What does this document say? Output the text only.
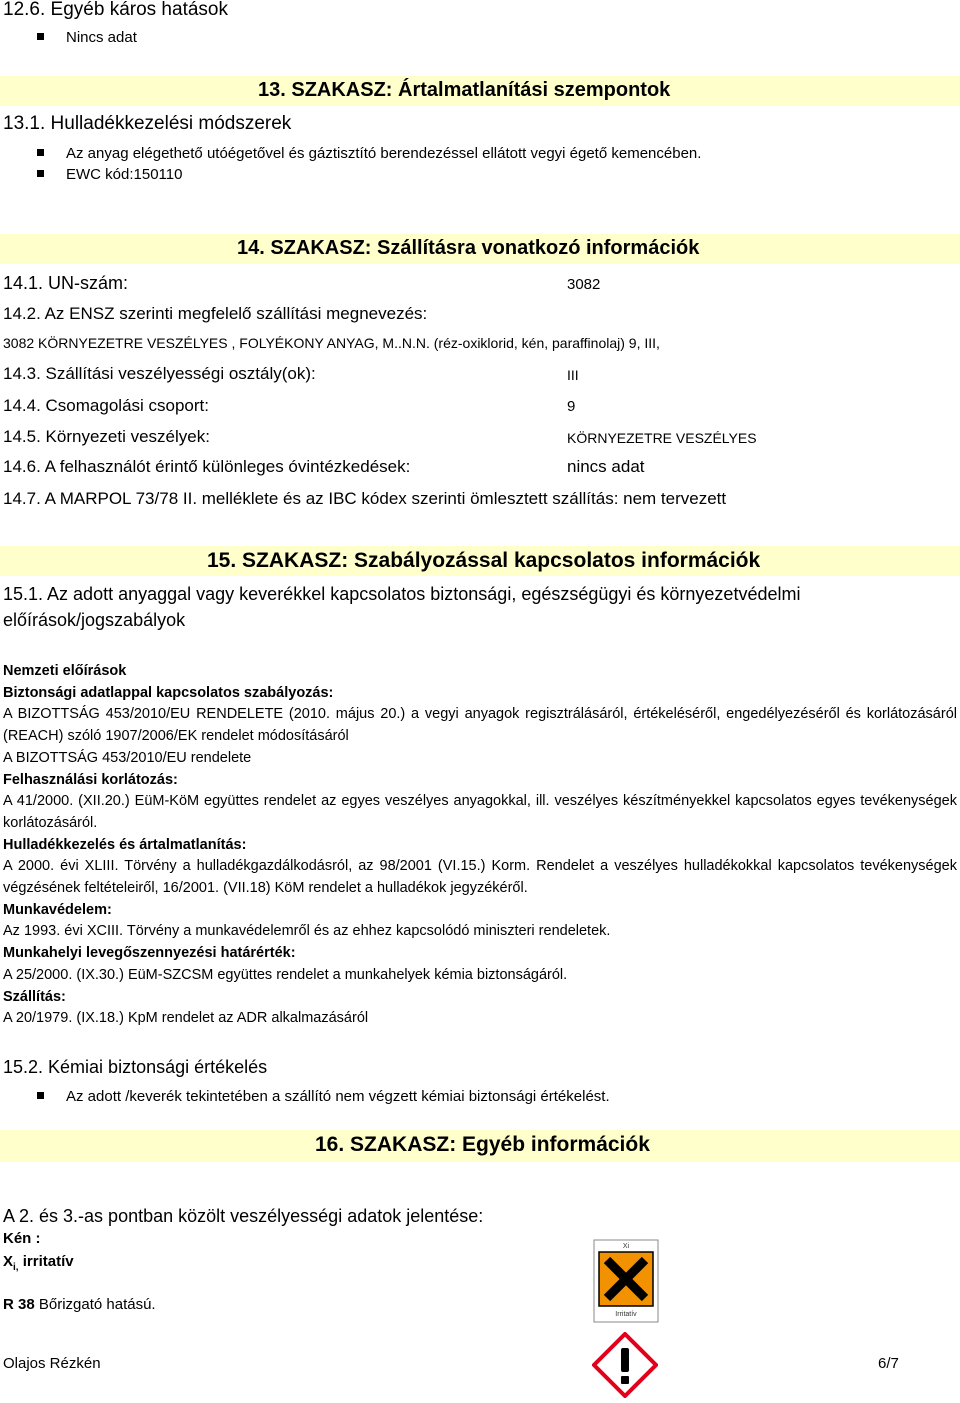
12.6. Egyéb káros hatások
Nincs adat
13. SZAKASZ: Ártalmatlanítási szempontok
13.1. Hulladékkezelési módszerek
Az anyag elégethető utóégetővel és gáztisztító berendezéssel ellátott vegyi égető kemencében.
EWC kód:150110
14. SZAKASZ: Szállításra vonatkozó információk
14.1. UN-szám:	3082
14.2. Az ENSZ szerinti megfelelő szállítási megnevezés:
3082 KÖRNYEZETRE VESZÉLYES , FOLYÉKONY ANYAG, M..N.N. (réz-oxiklorid, kén, paraffinolaj) 9, III,
14.3. Szállítási veszélyességi osztály(ok):	III
14.4. Csomagolási csoport:	9
14.5. Környezeti veszélyek:	KÖRNYEZETRE VESZÉLYES
14.6. A felhasználót érintő különleges óvintézkedések:	nincs adat
14.7. A MARPOL 73/78 II. melléklete és az IBC kódex szerinti ömlesztett szállítás: nem tervezett
15. SZAKASZ: Szabályozással kapcsolatos információk
15.1. Az adott anyaggal vagy keverékkel kapcsolatos biztonsági, egészségügyi és környezetvédelmi
előírások/jogszabályok

Nemzeti előírások

Biztonsági adatlappal kapcsolatos szabályozás:

A BIZOTTSÁG 453/2010/EU RENDELETE (2010. május 20.) a vegyi anyagok regisztrálásáról, értékeléséről, engedélyezéséről és korlátozásáról (REACH) szóló 1907/2006/EK rendelet módosításáról

A BIZOTTSÁG 453/2010/EU rendelete

Felhasználási korlátozás:

A 41/2000. (XII.20.) EüM-KöM együttes rendelet az egyes veszélyes anyagokkal, ill. veszélyes készítményekkel kapcsolatos egyes tevékenységek korlátozásáról.

Hulladékkezelés és ártalmatlanítás:

A 2000. évi XLIII. Törvény a hulladékgazdálkodásról, az 98/2001 (VI.15.) Korm. Rendelet a veszélyes hulladékokkal kapcsolatos tevékenységek végzésének feltételeiről, 16/2001. (VII.18) KöM rendelet a hulladékok jegyzékéről.

Munkavédelem:

Az 1993. évi XCIII. Törvény a munkavédelemről és az ehhez kapcsolódó miniszteri rendeletek.

Munkahelyi levegőszennyezési határérték:

A 25/2000. (IX.30.) EüM-SZCSM együttes rendelet a munkahelyek kémia biztonságáról.

Szállítás:

A 20/1979. (IX.18.) KpM rendelet az ADR alkalmazásáról

15.2. Kémiai biztonsági értékelés
Az adott /keverék tekintetében a szállító nem végzett kémiai biztonsági értékelést.
16. SZAKASZ: Egyéb információk
A 2. és 3.-as pontban közölt veszélyességi adatok jelentése:
Kén :
$X_{i,}$ irritatív
R 38 Bőrizgató hatású.
Xi
Irritatív
Olajos Rézkén	6/7
